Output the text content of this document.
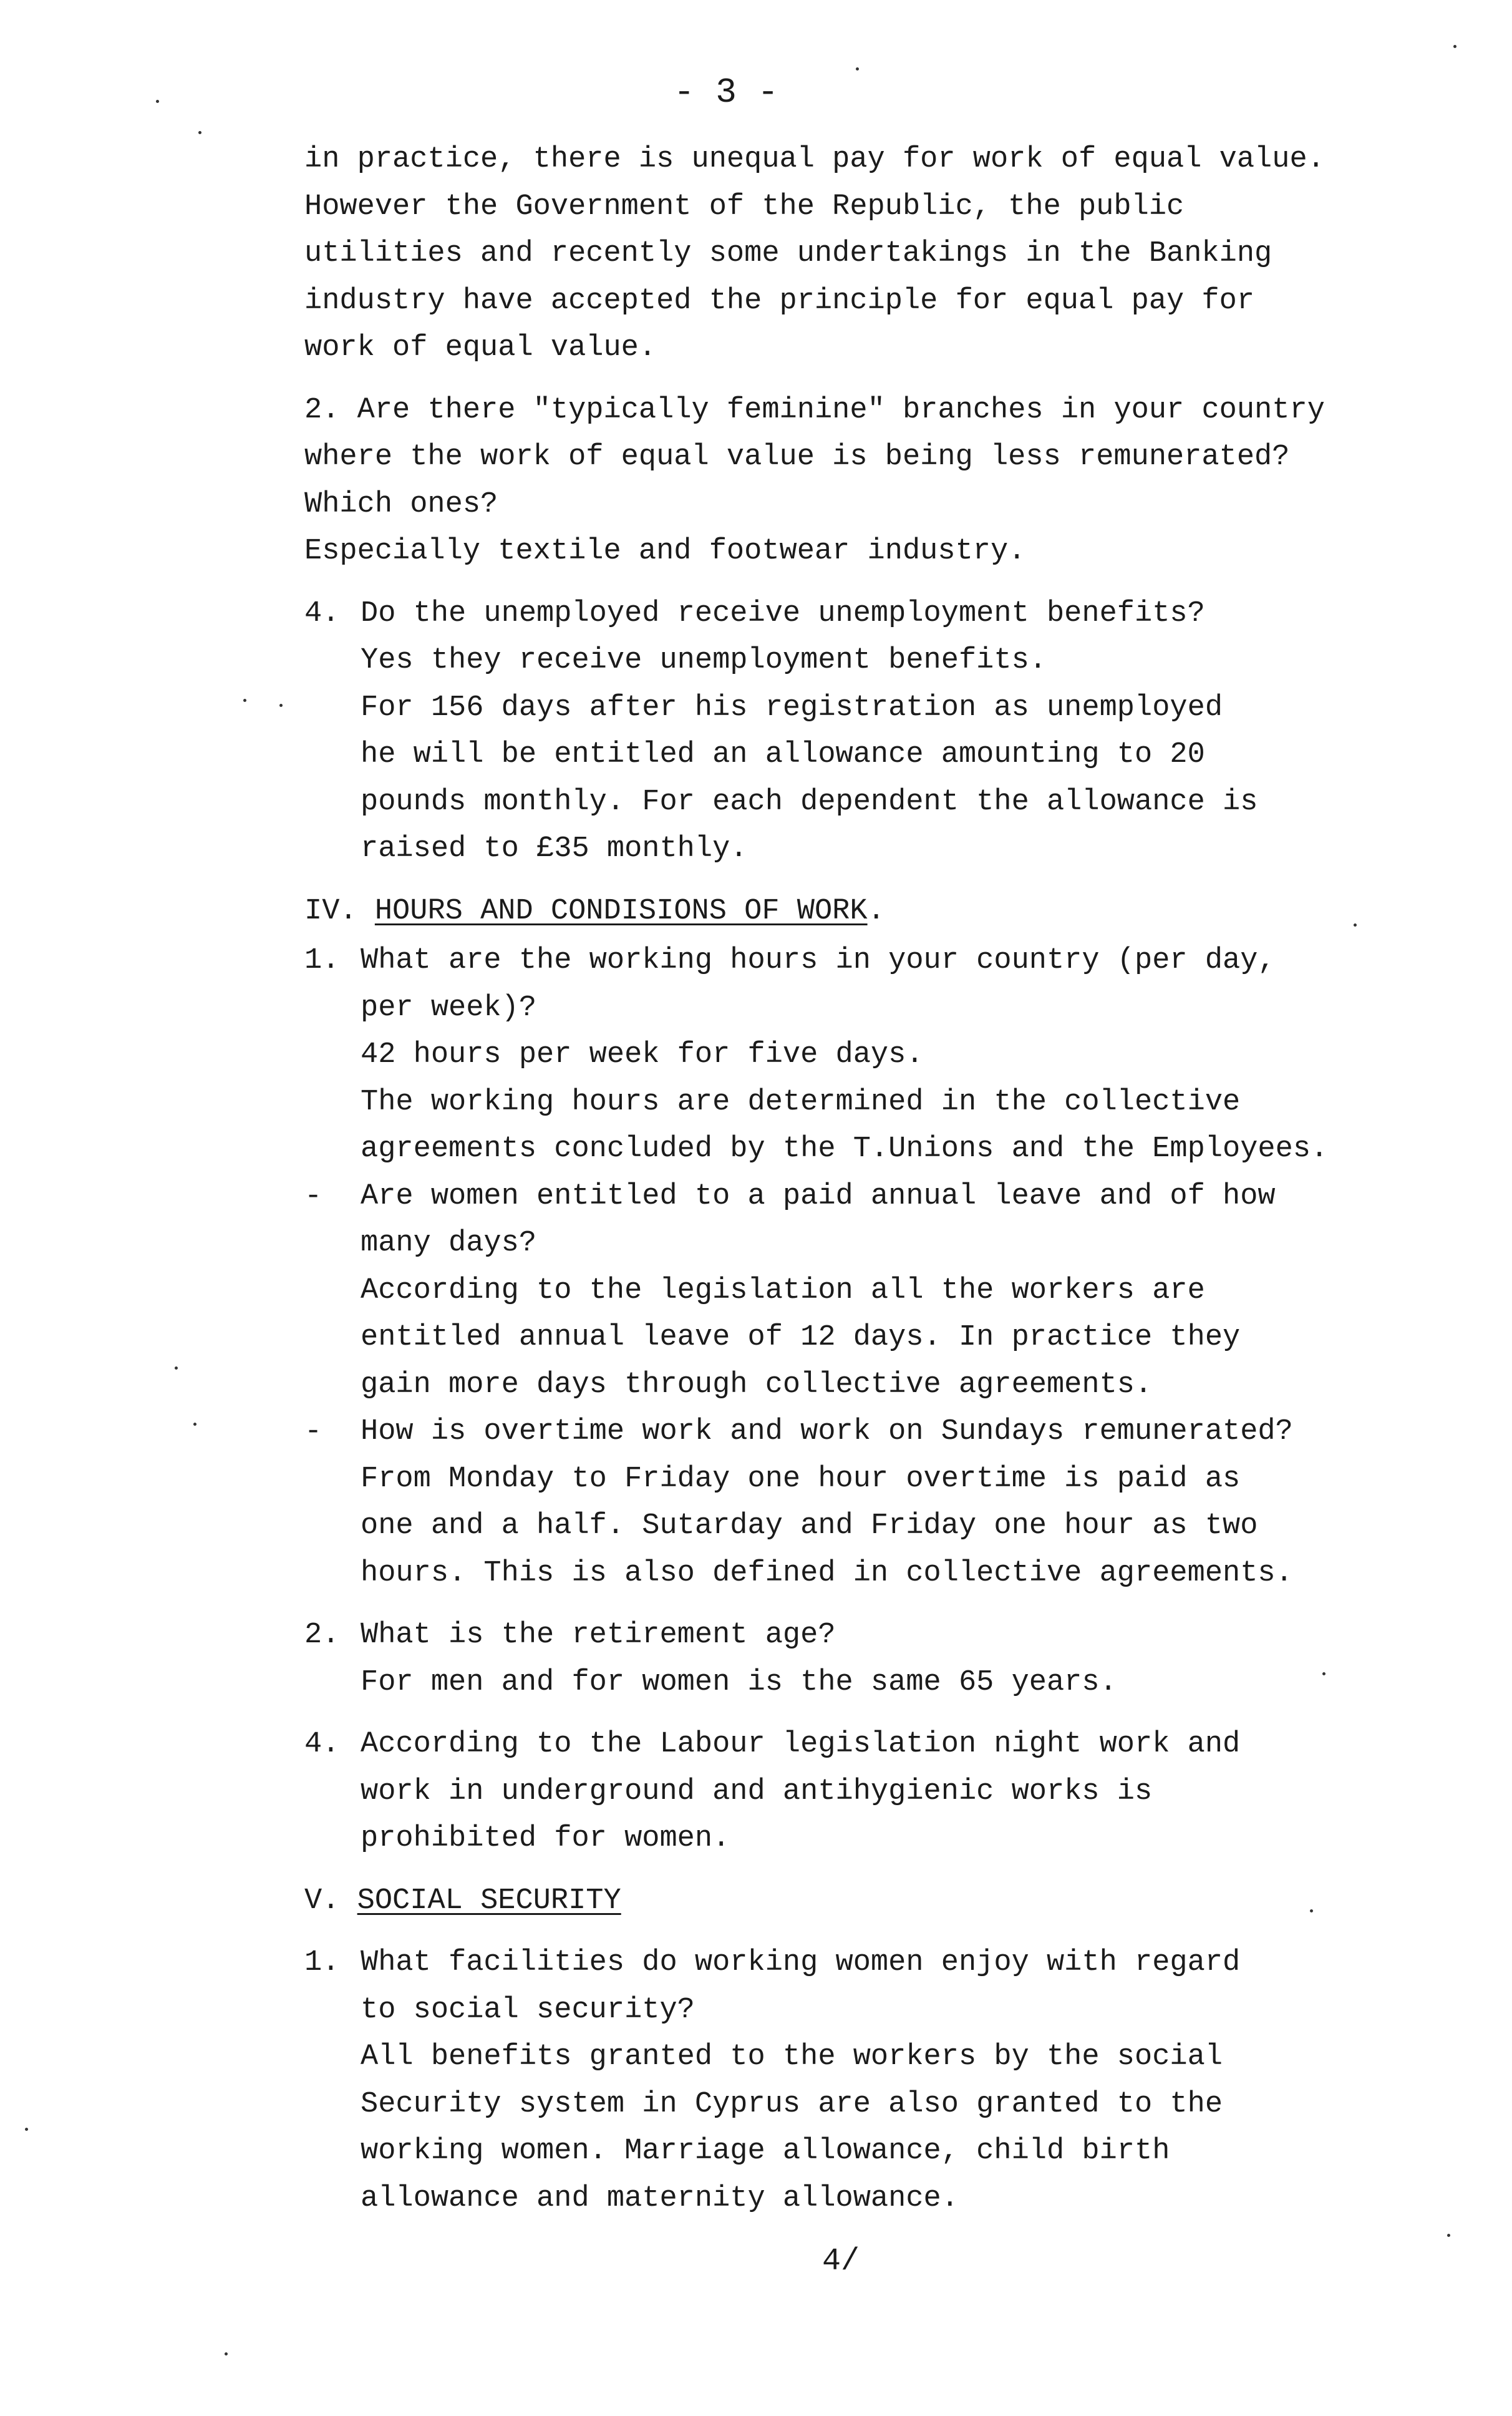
- 3 -
in practice, there is unequal pay for work of equal value.
However the Government of the Republic, the public
utilities and recently some undertakings in the Banking
industry have accepted the principle for equal pay for
work of equal value.
2. Are there "typically feminine" branches in your country
where the work of equal value is being less remunerated?
Which ones?
Especially textile and footwear industry.
4. Do the unemployed receive unemployment benefits?
Yes they receive unemployment benefits.
For 156 days after his registration as unemployed
he will be entitled an allowance amounting to 20
pounds monthly. For each dependent the allowance is
raised to £35 monthly.
IV. HOURS AND CONDISIONS OF WORK.
1. What are the working hours in your country (per day,
per week)?
42 hours per week for five days.
The working hours are determined in the collective
agreements concluded by the T.Unions and the Employees.
- Are women entitled to a paid annual leave and of how
many days?
According to the legislation all the workers are
entitled annual leave of 12 days. In practice they
gain more days through collective agreements.
- How is overtime work and work on Sundays remunerated?
From Monday to Friday one hour overtime is paid as
one and a half. Sutarday and Friday one hour as two
hours. This is also defined in collective agreements.
2. What is the retirement age?
For men and for women is the same 65 years.
4. According to the Labour legislation night work and
work in underground and antihygienic works is
prohibited for women.
V. SOCIAL SECURITY
1. What facilities do working women enjoy with regard
to social security?
All benefits granted to the workers by the social
Security system in Cyprus are also granted to the
working women. Marriage allowance, child birth
allowance and maternity allowance.
4/
